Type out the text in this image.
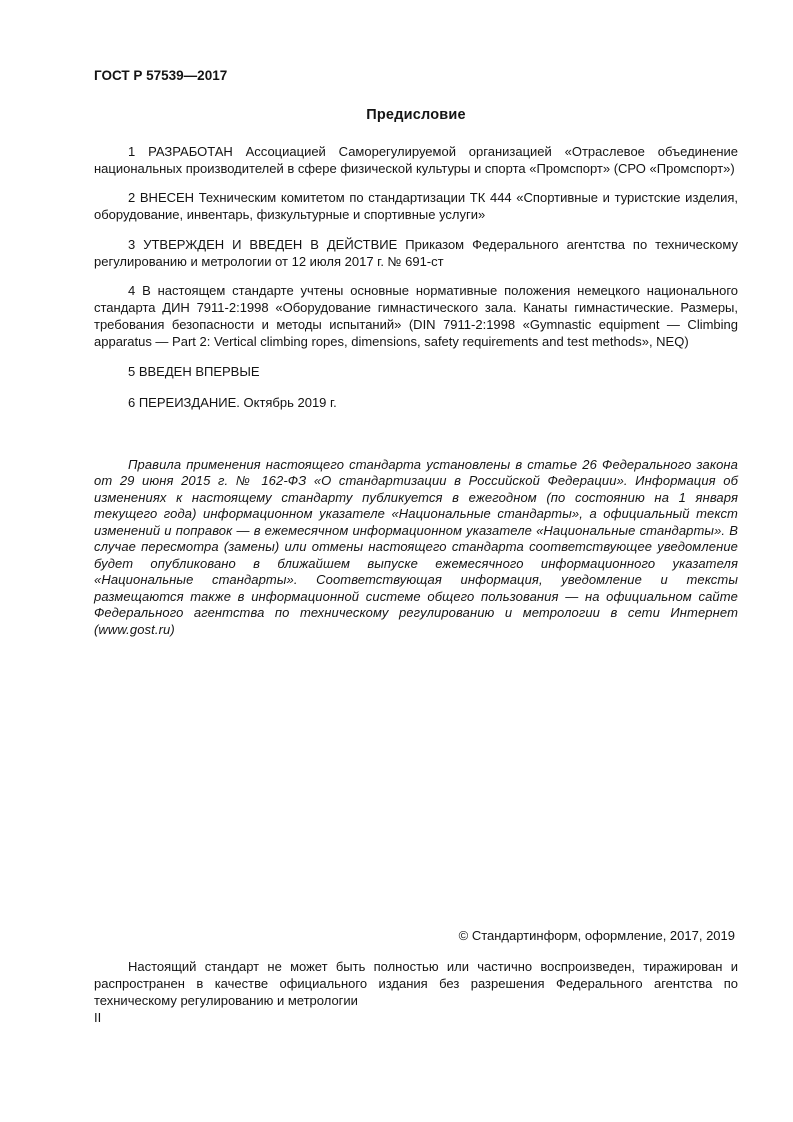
ГОСТ Р 57539—2017
Предисловие

1 РАЗРАБОТАН Ассоциацией Саморегулируемой организацией «Отраслевое объединение национальных производителей в сфере физической культуры и спорта «Промспорт» (СРО «Промспорт»)

2 ВНЕСЕН Техническим комитетом по стандартизации ТК 444 «Спортивные и туристские изделия, оборудование, инвентарь, физкультурные и спортивные услуги»

3 УТВЕРЖДЕН И ВВЕДЕН В ДЕЙСТВИЕ Приказом Федерального агентства по техническому регулированию и метрологии от 12 июля 2017 г. № 691-ст

4 В настоящем стандарте учтены основные нормативные положения немецкого национального стандарта ДИН 7911-2:1998 «Оборудование гимнастического зала. Канаты гимнастические. Размеры, требования безопасности и методы испытаний» (DIN 7911-2:1998 «Gymnastic equipment — Climbing apparatus — Part 2: Vertical climbing ropes, dimensions, safety requirements and test methods», NEQ)

5 ВВЕДЕН ВПЕРВЫЕ

6 ПЕРЕИЗДАНИЕ. Октябрь 2019 г.

Правила применения настоящего стандарта установлены в статье 26 Федерального закона от 29 июня 2015 г. № 162-ФЗ «О стандартизации в Российской Федерации». Информация об изменениях к настоящему стандарту публикуется в ежегодном (по состоянию на 1 января текущего года) информационном указателе «Национальные стандарты», а официальный текст изменений и поправок — в ежемесячном информационном указателе «Национальные стандарты». В случае пересмотра (замены) или отмены настоящего стандарта соответствующее уведомление будет опубликовано в ближайшем выпуске ежемесячного информационного указателя «Национальные стандарты». Соответствующая информация, уведомление и тексты размещаются также в информационной системе общего пользования — на официальном сайте Федерального агентства по техническому регулированию и метрологии в сети Интернет (www.gost.ru)

© Стандартинформ, оформление, 2017, 2019

Настоящий стандарт не может быть полностью или частично воспроизведен, тиражирован и распространен в качестве официального издания без разрешения Федерального агентства по техническому регулированию и метрологии

II
